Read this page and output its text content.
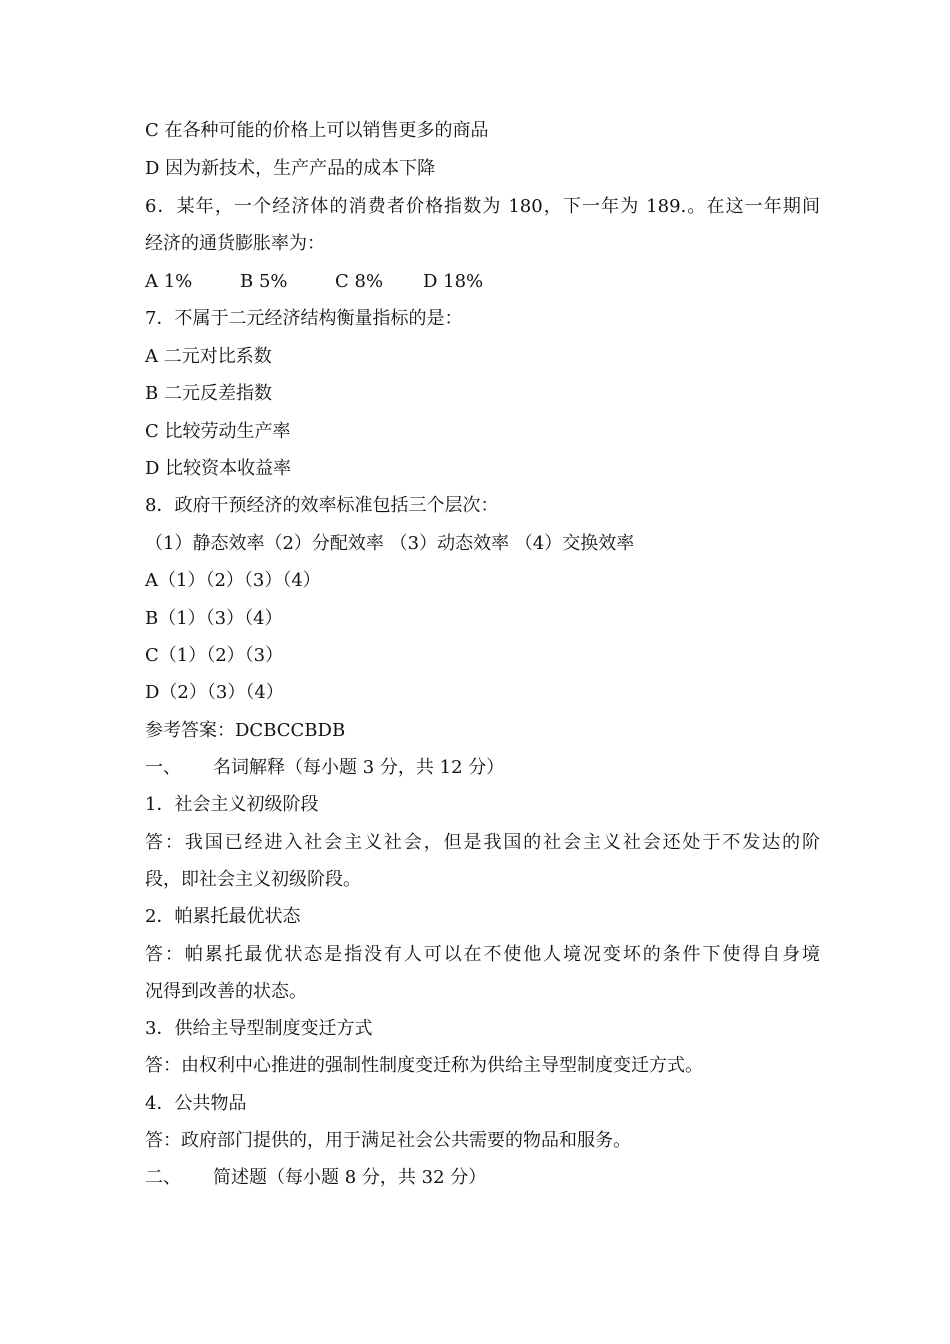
C 在各种可能的价格上可以销售更多的商品
D 因为新技术，生产产品的成本下降
6．某年，一个经济体的消费者价格指数为 180，下一年为 189.。在这一年期间
经济的通货膨胀率为：
A 1%	B 5%	C 8% D 18%
7．不属于二元经济结构衡量指标的是：
A 二元对比系数
B 二元反差指数
C 比较劳动生产率
D 比较资本收益率
8．政府干预经济的效率标准包括三个层次：
（1）静态效率（2）分配效率 （3）动态效率 （4）交换效率
A（1）（2）（3）（4）
B（1）（3）（4）
C（1）（2）（3）
D（2）（3）（4）
参考答案：DCBCCBDB
一、 名词解释（每小题 3 分，共 12 分）
1．社会主义初级阶段
答：我国已经进入社会主义社会，但是我国的社会主义社会还处于不发达的阶
段，即社会主义初级阶段。
2．帕累托最优状态
答：帕累托最优状态是指没有人可以在不使他人境况变坏的条件下使得自身境
况得到改善的状态。
3．供给主导型制度变迁方式
答：由权利中心推进的强制性制度变迁称为供给主导型制度变迁方式。
4．公共物品
答：政府部门提供的，用于满足社会公共需要的物品和服务。
二、 简述题（每小题 8 分，共 32 分）
